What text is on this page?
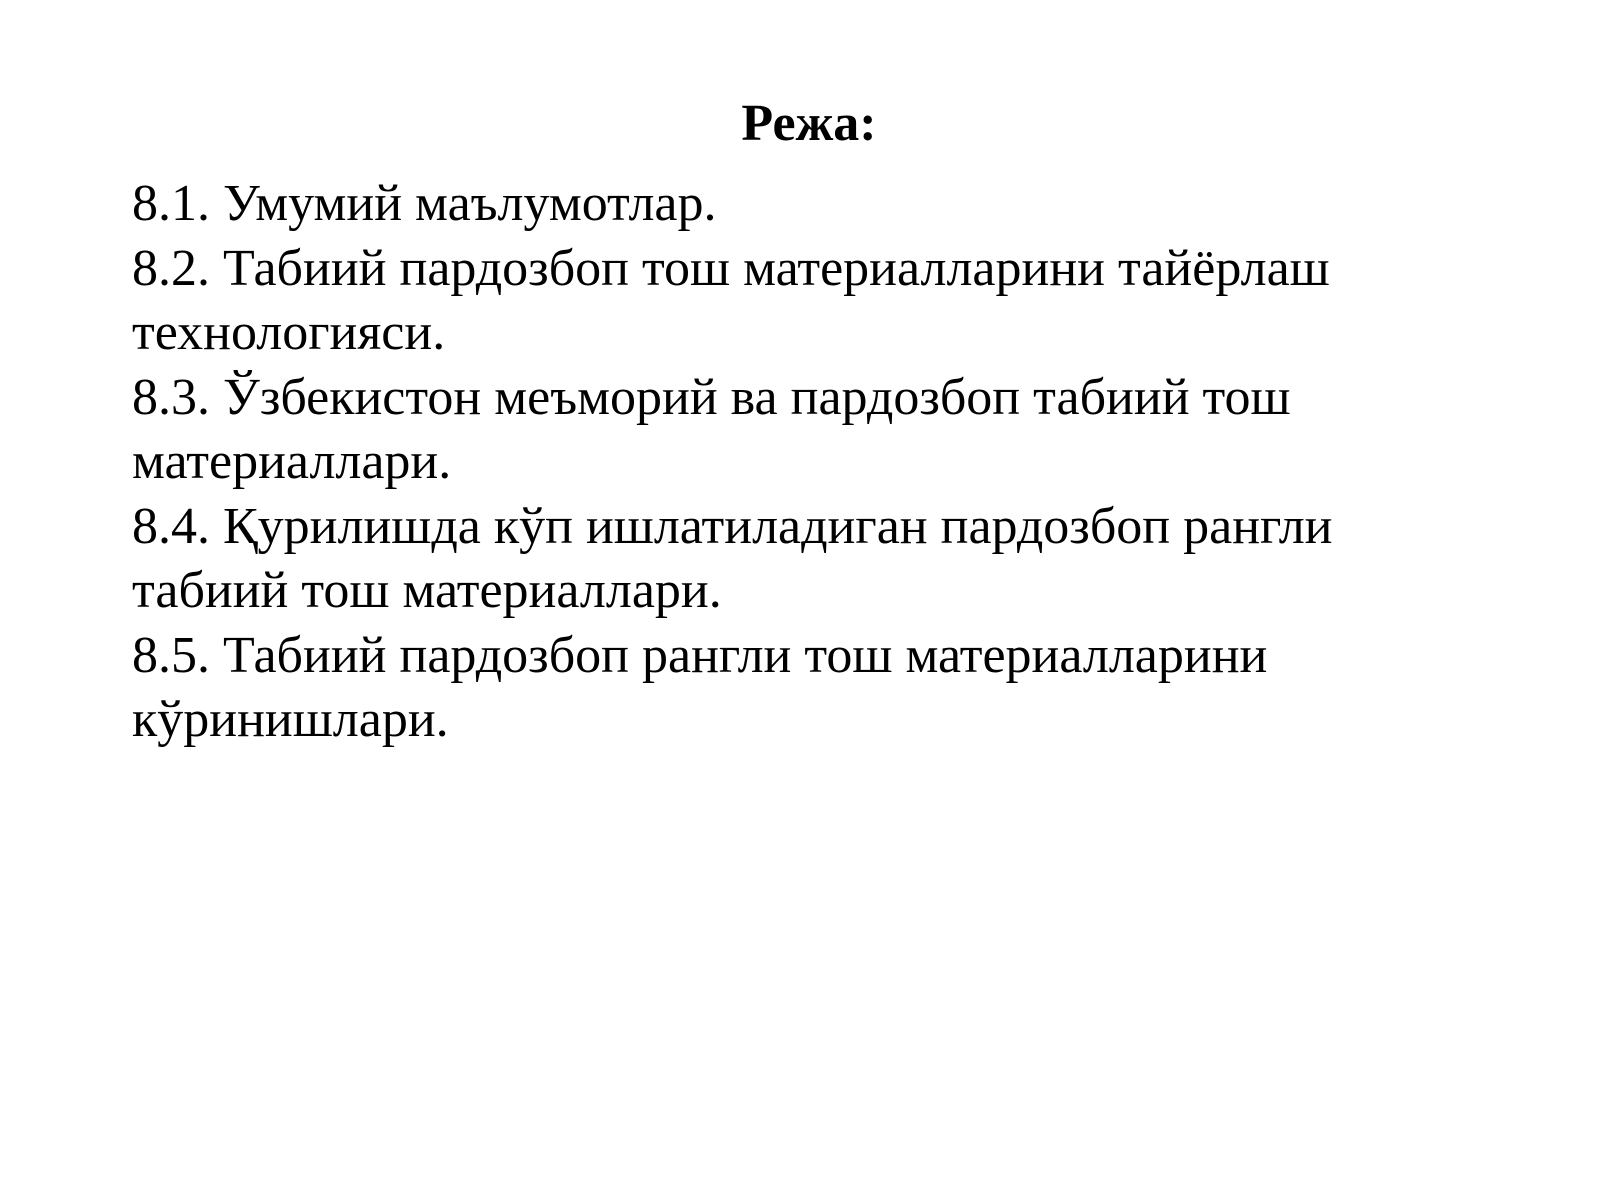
Режа:
8.1. Умумий маълумотлар.
8.2. Табиий пардозбоп тош материалларини тайёрлаш технологияси.
8.3. Ўзбекистон меъморий ва пардозбоп табиий тош материаллари.
8.4. Қурилишда кўп ишлатиладиган пардозбоп рангли табиий тош материаллари.
8.5. Табиий пардозбоп рангли тош материалларини кўринишлари.
